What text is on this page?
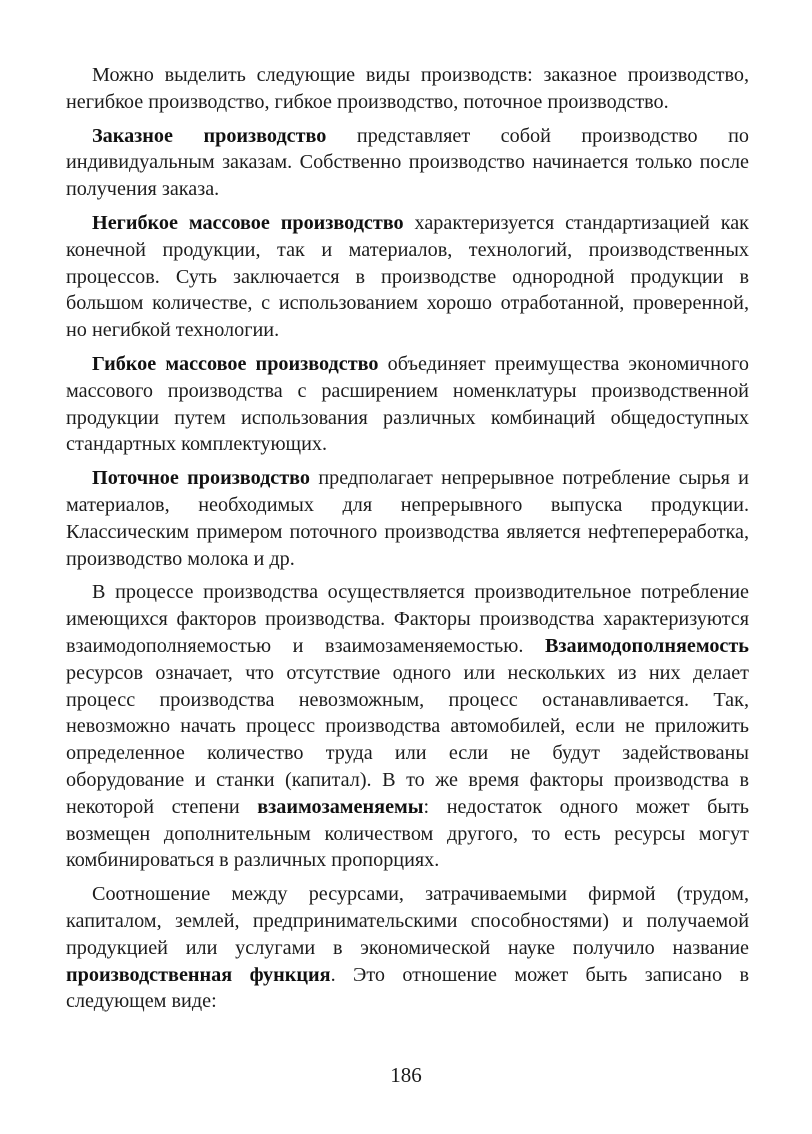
Можно выделить следующие виды производств: заказное производство, негибкое производство, гибкое производство, поточное производство.

Заказное производство представляет собой производство по индивидуальным заказам. Собственно производство начинается только после получения заказа.

Негибкое массовое производство характеризуется стандартизацией как конечной продукции, так и материалов, технологий, производственных процессов. Суть заключается в производстве однородной продукции в большом количестве, с использованием хорошо отработанной, проверенной, но негибкой технологии.

Гибкое массовое производство объединяет преимущества экономичного массового производства с расширением номенклатуры производственной продукции путем использования различных комбинаций общедоступных стандартных комплектующих.

Поточное производство предполагает непрерывное потребление сырья и материалов, необходимых для непрерывного выпуска продукции. Классическим примером поточного производства является нефтепереработка, производство молока и др.

В процессе производства осуществляется производительное потребление имеющихся факторов производства. Факторы производства характеризуются взаимодополняемостью и взаимозаменяемостью. Взаимодополняемость ресурсов означает, что отсутствие одного или нескольких из них делает процесс производства невозможным, процесс останавливается. Так, невозможно начать процесс производства автомобилей, если не приложить определенное количество труда или если не будут задействованы оборудование и станки (капитал). В то же время факторы производства в некоторой степени взаимозаменяемы: недостаток одного может быть возмещен дополнительным количеством другого, то есть ресурсы могут комбинироваться в различных пропорциях.

Соотношение между ресурсами, затрачиваемыми фирмой (трудом, капиталом, землей, предпринимательскими способностями) и получаемой продукцией или услугами в экономической науке получило название производственная функция. Это отношение может быть записано в следующем виде:

186
